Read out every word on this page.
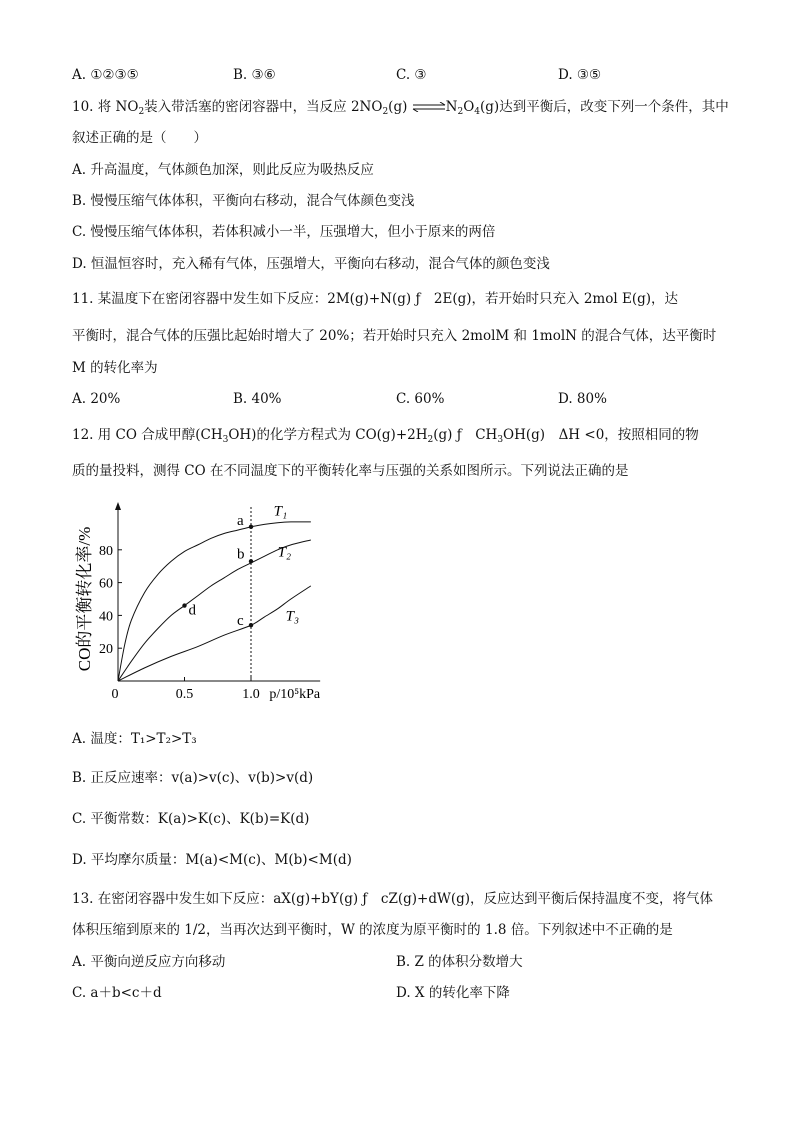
A. ①②③⑤	B. ③⑥	C. ③	D. ③⑤
10. 将 $NO_2$装入带活塞的密闭容器中，当反应 $2NO_2(g)$ $\rightleftharpoons N_2O_4(g)$达到平衡后，改变下列一个条件，其中
叙述正确的是（　　）
A. 升高温度，气体颜色加深，则此反应为吸热反应
B. 慢慢压缩气体体积，平衡向右移动，混合气体颜色变浅
C. 慢慢压缩气体体积，若体积减小一半，压强增大，但小于原来的两倍
D. 恒温恒容时，充入稀有气体，压强增大，平衡向右移动，混合气体的颜色变浅
11. 某温度下在密闭容器中发生如下反应：2M(g)+N(g) ƒ　2E(g)，若开始时只充入 2mol E(g)，达
平衡时，混合气体的压强比起始时增大了 20%；若开始时只充入 2molM 和 1molN 的混合气体，达平衡时
M 的转化率为
A. 20%	B. 40%	C. 60%	D. 80%
12. 用 CO 合成甲醇$(CH_3OH)$的化学方程式为 $CO(g)+2H_2(g)$ ƒ　$CH_3OH(g)$　ΔH <0，按照相同的物
质的量投料，测得 CO 在不同温度下的平衡转化率与压强的关系如图所示。下列说法正确的是
20
40
60
80
0	0.5	1.0 p/10⁵kPa
CO的平衡转化率/%
T₁
T₂
T₃
a
b
c
d
A. 温度：T₁>T₂>T₃
B. 正反应速率：v(a)>v(c)、v(b)>v(d)
C. 平衡常数：K(a)>K(c)、K(b)=K(d)
D. 平均摩尔质量：M(a)<M(c)、M(b)<M(d)
13. 在密闭容器中发生如下反应：aX(g)+bY(g) ƒ　cZ(g)+dW(g)，反应达到平衡后保持温度不变，将气体
体积压缩到原来的 1/2，当再次达到平衡时，W 的浓度为原平衡时的 1.8 倍。下列叙述中不正确的是
A. 平衡向逆反应方向移动	B. Z 的体积分数增大
C. a＋b<c＋d	D. X 的转化率下降
